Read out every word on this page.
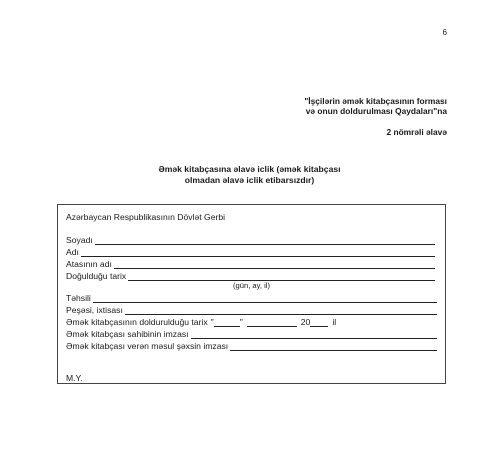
6
"İşçilərin əmək kitabçasının forması
və onun doldurulması Qaydaları"na
2 nömrəli əlavə
Əmək kitabçasına əlavə iclik (əmək kitabçası
olmadan əlavə iclik etibarsızdır)
Azərbaycan Respublikasının Dövlət Gerbi
Soyadı
Adı
Atasının adı
Doğulduğu tarix
(gün, ay, il)
Təhsili
Peşəsi, ixtisası
Əmək kitabçasının doldurulduğu tarix "	"	20	il
Əmək kitabçası sahibinin imzası
Əmək kitabçası verən məsul şəxsin imzası
M.Y.
